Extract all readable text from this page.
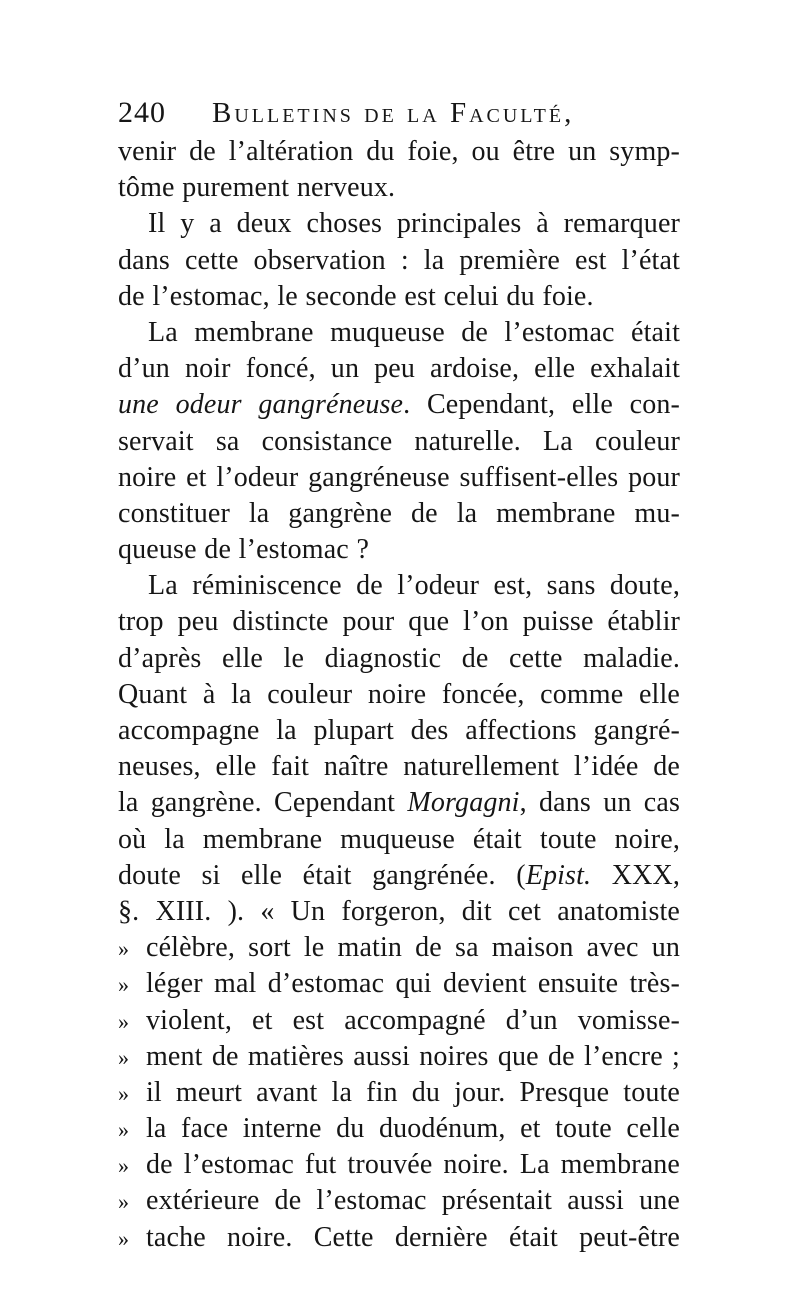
240 Bulletins de la Faculté,
venir de l’altération du foie, ou être un symp-
tôme purement nerveux.
Il y a deux choses principales à remarquer
dans cette observation : la première est l’état
de l’estomac, le seconde est celui du foie.
La membrane muqueuse de l’estomac était
d’un noir foncé, un peu ardoise, elle exhalait
une odeur gangréneuse. Cependant, elle con-
servait sa consistance naturelle. La couleur
noire et l’odeur gangréneuse suffisent-elles pour
constituer la gangrène de la membrane mu-
queuse de l’estomac ?
La réminiscence de l’odeur est, sans doute,
trop peu distincte pour que l’on puisse établir
d’après elle le diagnostic de cette maladie.
Quant à la couleur noire foncée, comme elle
accompagne la plupart des affections gangré-
neuses, elle fait naître naturellement l’idée de
la gangrène. Cependant Morgagni, dans un cas
où la membrane muqueuse était toute noire,
doute si elle était gangrénée. (Epist. XXX,
§. XIII. ). « Un forgeron, dit cet anatomiste
» célèbre, sort le matin de sa maison avec un
» léger mal d’estomac qui devient ensuite très-
» violent, et est accompagné d’un vomisse-
» ment de matières aussi noires que de l’encre ;
» il meurt avant la fin du jour. Presque toute
» la face interne du duodénum, et toute celle
» de l’estomac fut trouvée noire. La membrane
» extérieure de l’estomac présentait aussi une
» tache noire. Cette dernière était peut-être
